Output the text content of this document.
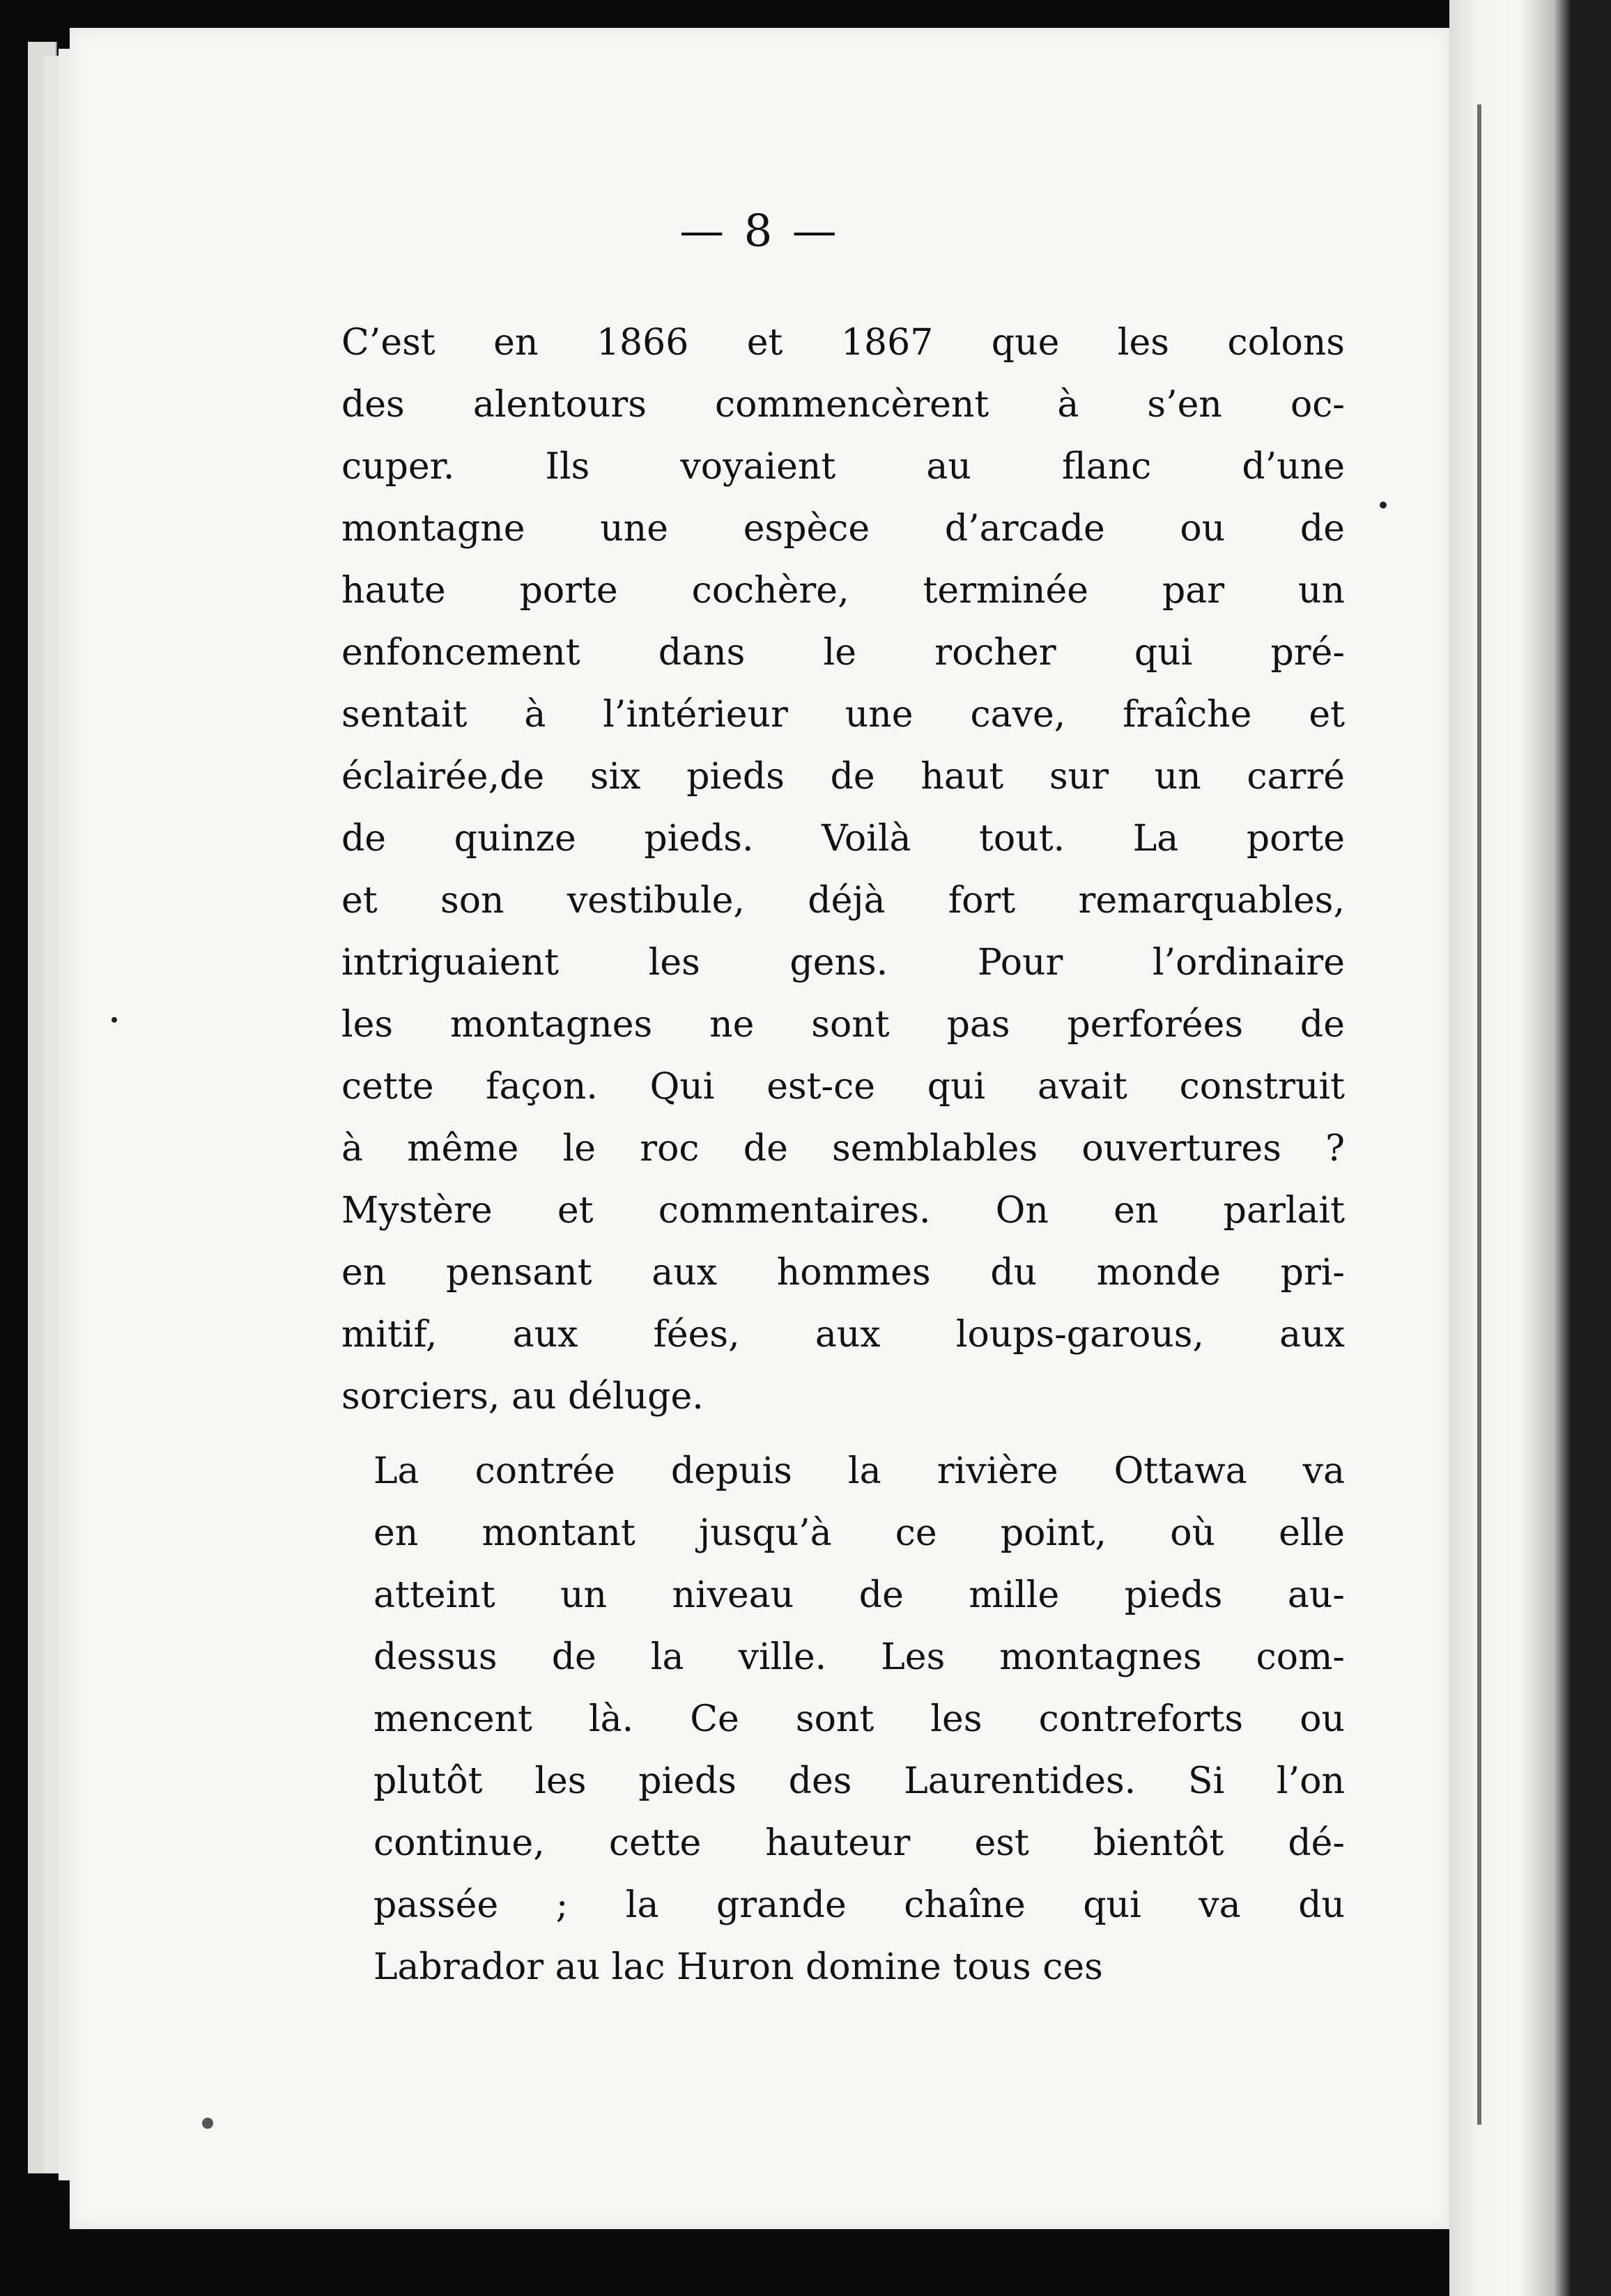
— 8 —
C’est en 1866 et 1867 que les colons
des alentours commencèrent à s’en oc-
cuper. Ils voyaient au flanc d’une
montagne une espèce d’arcade ou de
haute porte cochère, terminée par un
enfoncement dans le rocher qui pré-
sentait à l’intérieur une cave, fraîche et
éclairée,de six pieds de haut sur un carré
de quinze pieds. Voilà tout. La porte
et son vestibule, déjà fort remarquables,
intriguaient les gens. Pour l’ordinaire
les montagnes ne sont pas perforées de
cette façon. Qui est-ce qui avait construit
à même le roc de semblables ouvertures ?
Mystère et commentaires. On en parlait
en pensant aux hommes du monde pri-
mitif, aux fées, aux loups-garous, aux
sorciers, au déluge.
La contrée depuis la rivière Ottawa va
en montant jusqu’à ce point, où elle
atteint un niveau de mille pieds au-
dessus de la ville. Les montagnes com-
mencent là. Ce sont les contreforts ou
plutôt les pieds des Laurentides. Si l’on
continue, cette hauteur est bientôt dé-
passée ; la grande chaîne qui va du
Labrador au lac Huron domine tous ces
